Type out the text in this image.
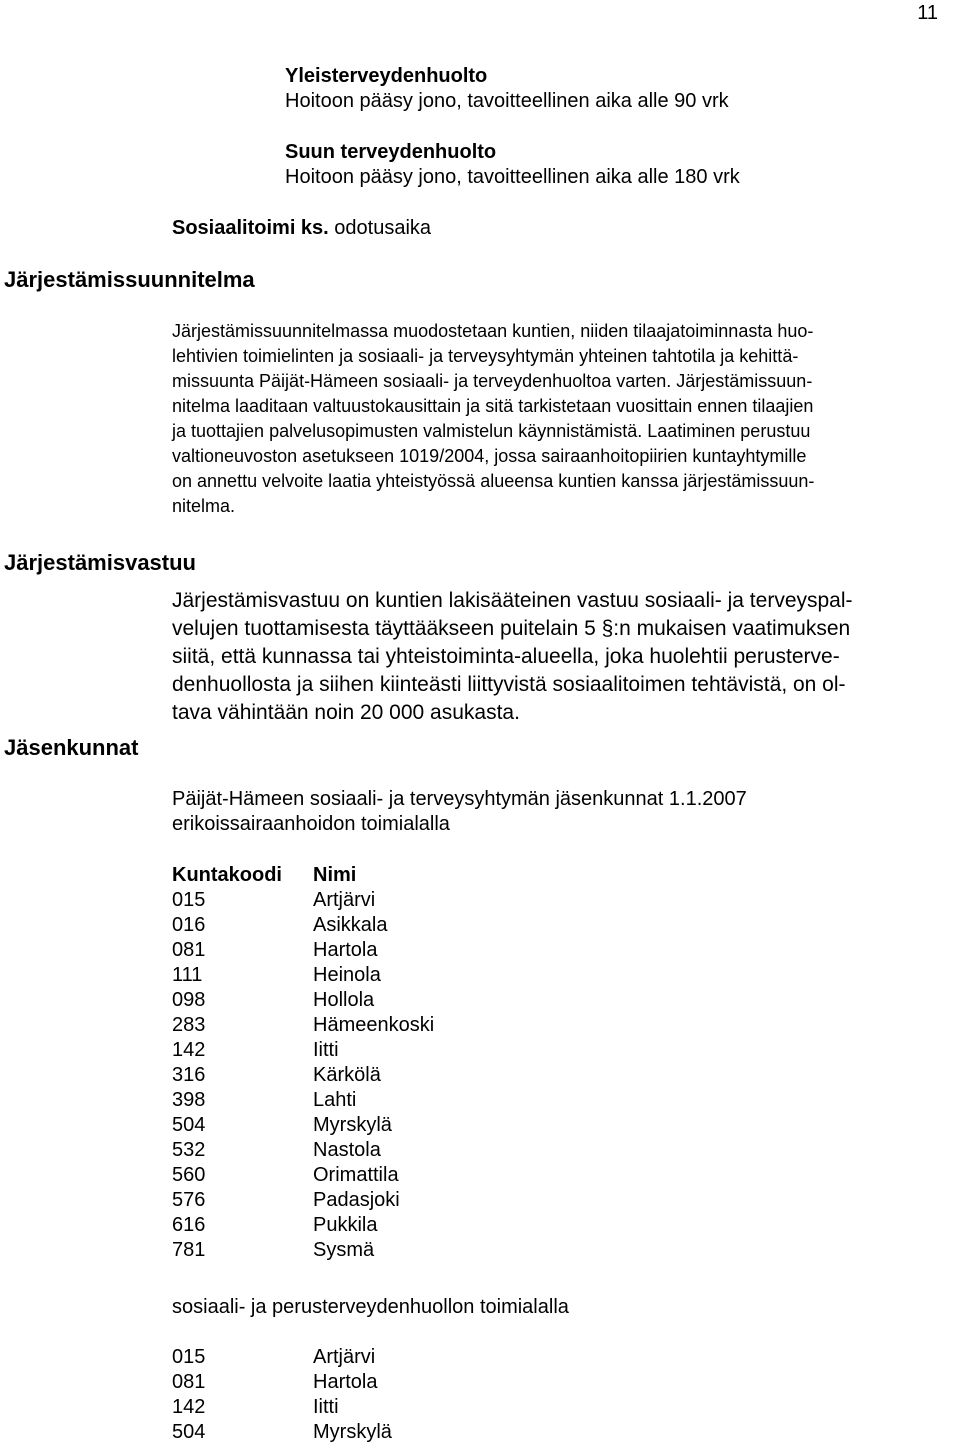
11
Yleisterveydenhuolto
Hoitoon pääsy jono, tavoitteellinen aika alle 90 vrk
Suun terveydenhuolto
Hoitoon pääsy jono, tavoitteellinen aika alle 180 vrk
Sosiaalitoimi ks. odotusaika
Järjestämissuunnitelma
Järjestämissuunnitelmassa muodostetaan kuntien, niiden tilaajatoiminnasta huo-
lehtivien toimielinten ja sosiaali- ja terveysyhtymän yhteinen tahtotila ja kehittä-
missuunta Päijät-Hämeen sosiaali- ja terveydenhuoltoa varten. Järjestämissuun-
nitelma laaditaan valtuustokausittain ja sitä tarkistetaan vuosittain ennen tilaajien
ja tuottajien palvelusopimusten valmistelun käynnistämistä. Laatiminen perustuu
valtioneuvoston asetukseen 1019/2004, jossa sairaanhoitopiirien kuntayhtymille
on annettu velvoite laatia yhteistyössä alueensa kuntien kanssa järjestämissuun-
nitelma.
Järjestämisvastuu
Järjestämisvastuu on kuntien lakisääteinen vastuu sosiaali- ja terveyspal-
velujen tuottamisesta täyttääkseen puitelain 5 §:n mukaisen vaatimuksen
siitä, että kunnassa tai yhteistoiminta-alueella, joka huolehtii perusterve-
denhuollosta ja siihen kiinteästi liittyvistä sosiaalitoimen tehtävistä, on ol-
tava vähintään noin 20 000 asukasta.
Jäsenkunnat
Päijät-Hämeen sosiaali- ja terveysyhtymän jäsenkunnat 1.1.2007
erikoissairaanhoidon toimialalla
Kuntakoodi	Nimi
015	Artjärvi
016	Asikkala
081	Hartola
111	Heinola
098	Hollola
283	Hämeenkoski
142	Iitti
316	Kärkölä
398	Lahti
504	Myrskylä
532	Nastola
560	Orimattila
576	Padasjoki
616	Pukkila
781	Sysmä
sosiaali- ja perusterveydenhuollon toimialalla
015	Artjärvi
081	Hartola
142	Iitti
504	Myrskylä
